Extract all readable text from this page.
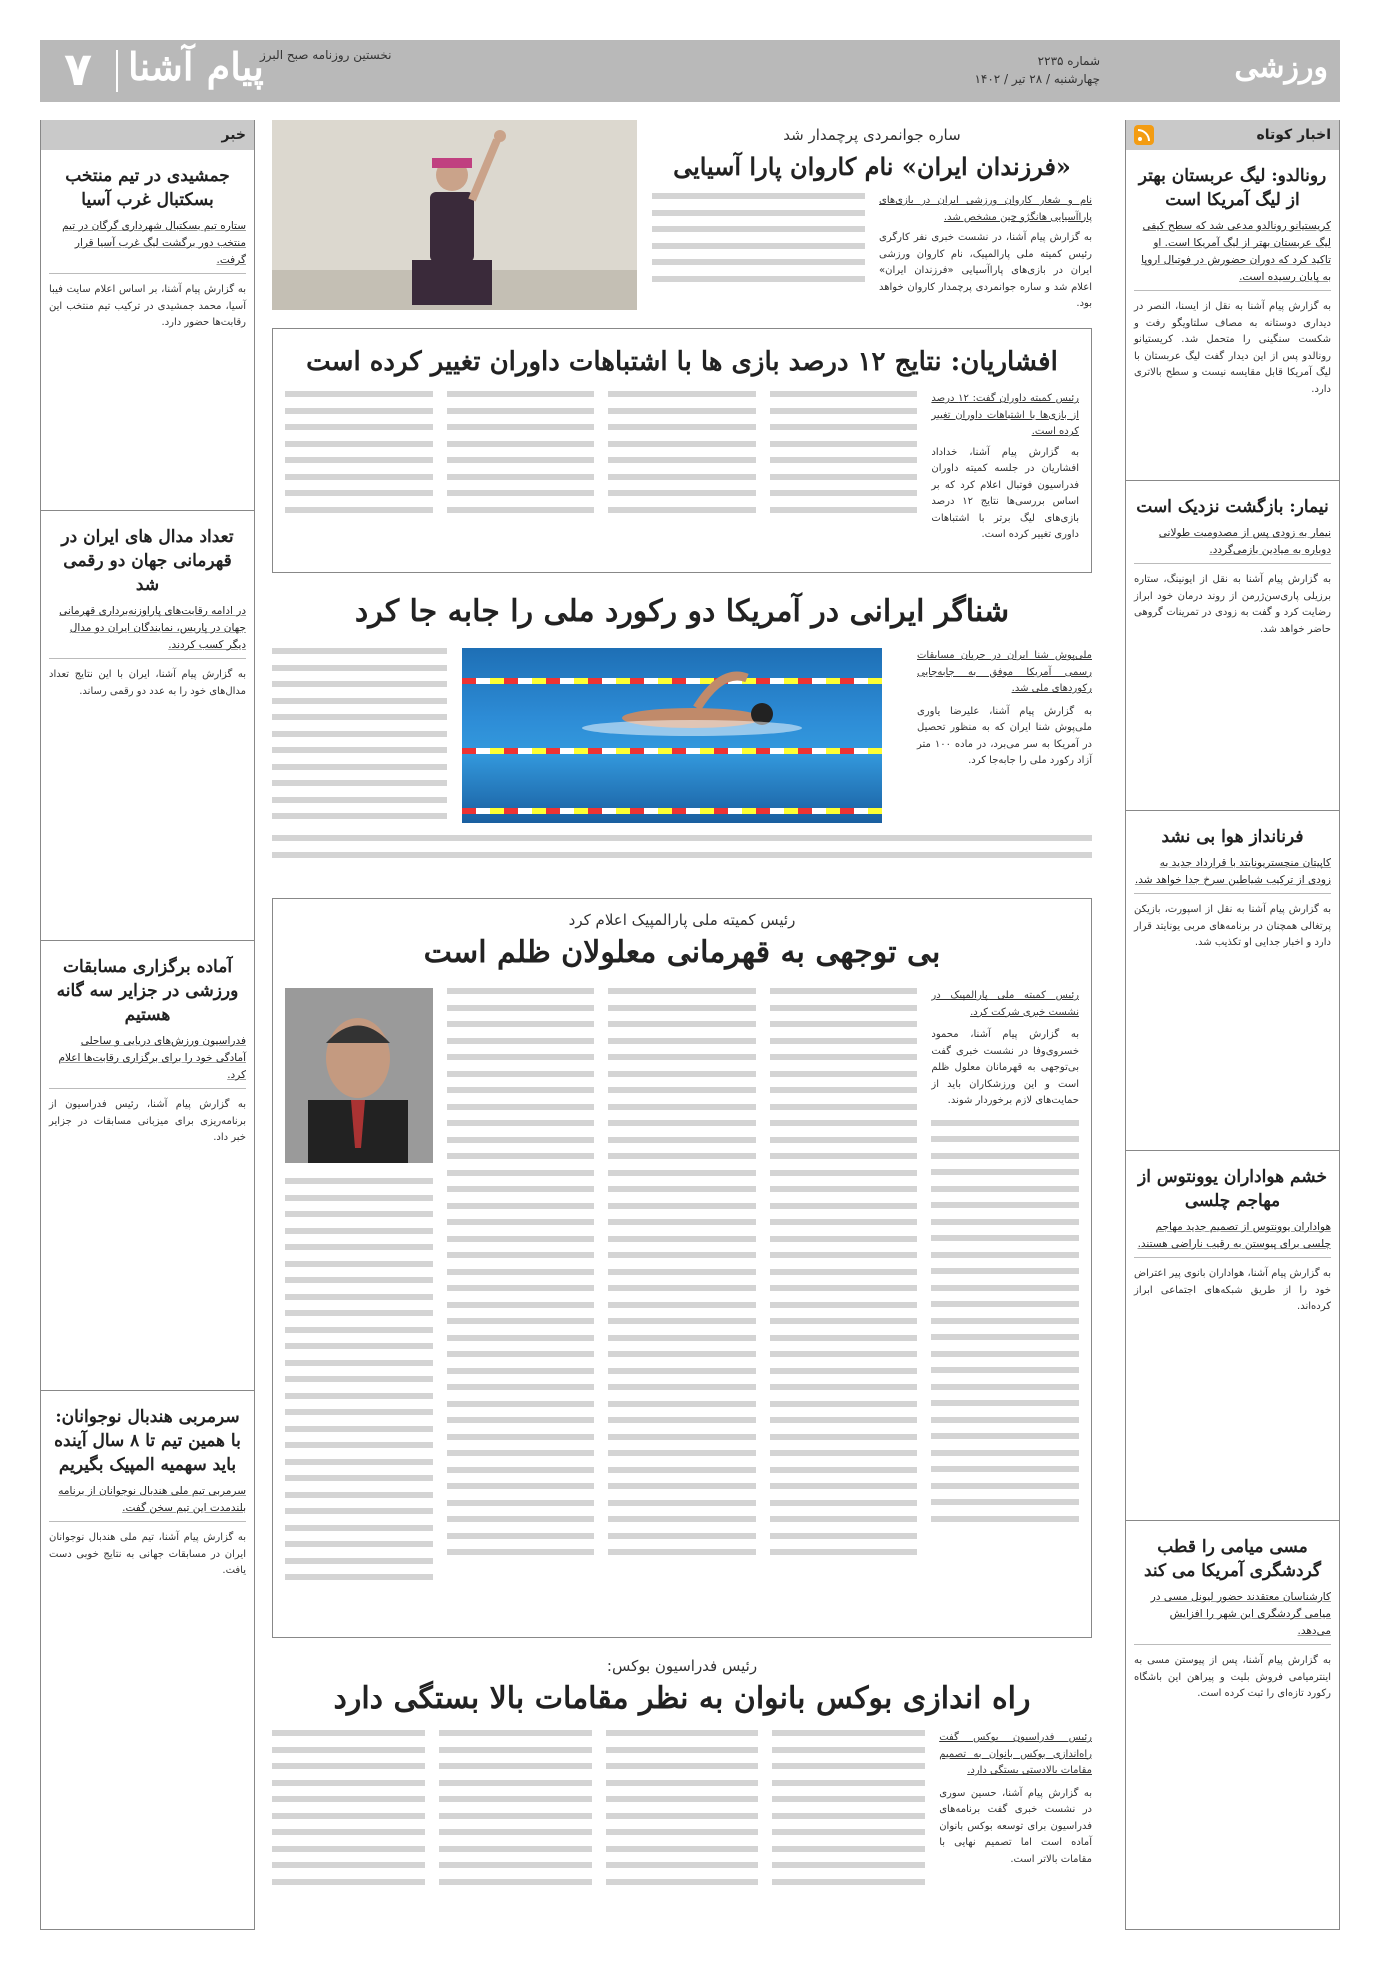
ورزشی
شماره ۲۲۳۵
چهارشنبه / ۲۸ تیر / ۱۴۰۲
نخستین روزنامه صبح البرز
پیام آشنا
۷
اخبار کوتاه
رونالدو: لیگ عربستان بهتر از لیگ آمریکا است
کریستیانو رونالدو مدعی شد که سطح کیفی لیگ عربستان بهتر از لیگ آمریکا است. او تاکید کرد که دوران حضورش در فوتبال اروپا به پایان رسیده است.
به گزارش پیام آشنا به نقل از ایسنا، النصر در دیداری دوستانه به مصاف سلتاویگو رفت و شکست سنگینی را متحمل شد. کریستیانو رونالدو پس از این دیدار گفت لیگ عربستان با لیگ آمریکا قابل مقایسه نیست و سطح بالاتری دارد.
نیمار: بازگشت نزدیک است
نیمار به زودی پس از مصدومیت طولانی دوباره به میادین بازمی‌گردد.
به گزارش پیام آشنا به نقل از ایونینگ، ستاره برزیلی پاری‌سن‌ژرمن از روند درمان خود ابراز رضایت کرد و گفت به زودی در تمرینات گروهی حاضر خواهد شد.
فرنانداز هوا بی نشد
کاپیتان منچستریونایتد با قرارداد جدید به زودی از ترکیب شیاطین سرخ جدا خواهد شد.
به گزارش پیام آشنا به نقل از اسپورت، بازیکن پرتغالی همچنان در برنامه‌های مربی یونایتد قرار دارد و اخبار جدایی او تکذیب شد.
خشم هواداران یوونتوس از مهاجم چلسی
هواداران یوونتوس از تصمیم جدید مهاجم چلسی برای پیوستن به رقیب ناراضی هستند.
به گزارش پیام آشنا، هواداران بانوی پیر اعتراض خود را از طریق شبکه‌های اجتماعی ابراز کرده‌اند.
مسی میامی را قطب گردشگری آمریکا می کند
کارشناسان معتقدند حضور لیونل مسی در میامی گردشگری این شهر را افزایش می‌دهد.
به گزارش پیام آشنا، پس از پیوستن مسی به اینترمیامی فروش بلیت و پیراهن این باشگاه رکورد تازه‌ای را ثبت کرده است.
خبر
جمشیدی در تیم منتخب بسکتبال غرب آسیا
ستاره تیم بسکتبال شهرداری گرگان در تیم منتخب دور برگشت لیگ غرب آسیا قرار گرفت.
به گزارش پیام آشنا، بر اساس اعلام سایت فیبا آسیا، محمد جمشیدی در ترکیب تیم منتخب این رقابت‌ها حضور دارد.
تعداد مدال های ایران در قهرمانی جهان دو رقمی شد
در ادامه رقابت‌های پاراوزنه‌برداری قهرمانی جهان در پاریس، نمایندگان ایران دو مدال دیگر کسب کردند.
به گزارش پیام آشنا، ایران با این نتایج تعداد مدال‌های خود را به عدد دو رقمی رساند.
آماده برگزاری مسابقات ورزشی در جزایر سه گانه هستیم
فدراسیون ورزش‌های دریایی و ساحلی آمادگی خود را برای برگزاری رقابت‌ها اعلام کرد.
به گزارش پیام آشنا، رئیس فدراسیون از برنامه‌ریزی برای میزبانی مسابقات در جزایر خبر داد.
سرمربی هندبال نوجوانان: با همین تیم تا ۸ سال آینده باید سهمیه المپیک بگیریم
سرمربی تیم ملی هندبال نوجوانان از برنامه بلندمدت این تیم سخن گفت.
به گزارش پیام آشنا، تیم ملی هندبال نوجوانان ایران در مسابقات جهانی به نتایج خوبی دست یافت.
ساره جوانمردی پرچمدار شد
«فرزندان ایران» نام کاروان پارا آسیایی
نام و شعار کاروان ورزشی ایران در بازی‌های پاراآسیایی هانگژو چین مشخص شد.
به گزارش پیام آشنا، در نشست خبری نفر کارگری رئیس کمیته ملی پارالمپیک، نام کاروان ورزشی ایران در بازی‌های پاراآسیایی «فرزندان ایران» اعلام شد و ساره جوانمردی پرچمدار کاروان خواهد بود.
افشاریان: نتایج ۱۲ درصد بازی ها با اشتباهات داوران تغییر کرده است
رئیس کمیته داوران گفت: ۱۲ درصد از بازی‌ها با اشتباهات داوران تغییر کرده است.
به گزارش پیام آشنا، خداداد افشاریان در جلسه کمیته داوران فدراسیون فوتبال اعلام کرد که بر اساس بررسی‌ها نتایج ۱۲ درصد بازی‌های لیگ برتر با اشتباهات داوری تغییر کرده است.
شناگر ایرانی در آمریکا دو رکورد ملی را جابه جا کرد
ملی‌پوش شنا ایران در جریان مسابقات رسمی آمریکا موفق به جابه‌جایی رکوردهای ملی شد.
به گزارش پیام آشنا، علیرضا یاوری ملی‌پوش شنا ایران که به منظور تحصیل در آمریکا به سر می‌برد، در ماده ۱۰۰ متر آزاد رکورد ملی را جابه‌جا کرد.
رئیس کمیته ملی پارالمپیک اعلام کرد
بی توجهی به قهرمانی معلولان ظلم است
رئیس کمیته ملی پارالمپیک در نشست خبری شرکت کرد.
به گزارش پیام آشنا، محمود خسروی‌وفا در نشست خبری گفت بی‌توجهی به قهرمانان معلول ظلم است و این ورزشکاران باید از حمایت‌های لازم برخوردار شوند.
رئیس فدراسیون بوکس:
راه اندازی بوکس بانوان به نظر مقامات بالا بستگی دارد
رئیس فدراسیون بوکس گفت راه‌اندازی بوکس بانوان به تصمیم مقامات بالادستی بستگی دارد.
به گزارش پیام آشنا، حسین سوری در نشست خبری گفت برنامه‌های فدراسیون برای توسعه بوکس بانوان آماده است اما تصمیم نهایی با مقامات بالاتر است.
